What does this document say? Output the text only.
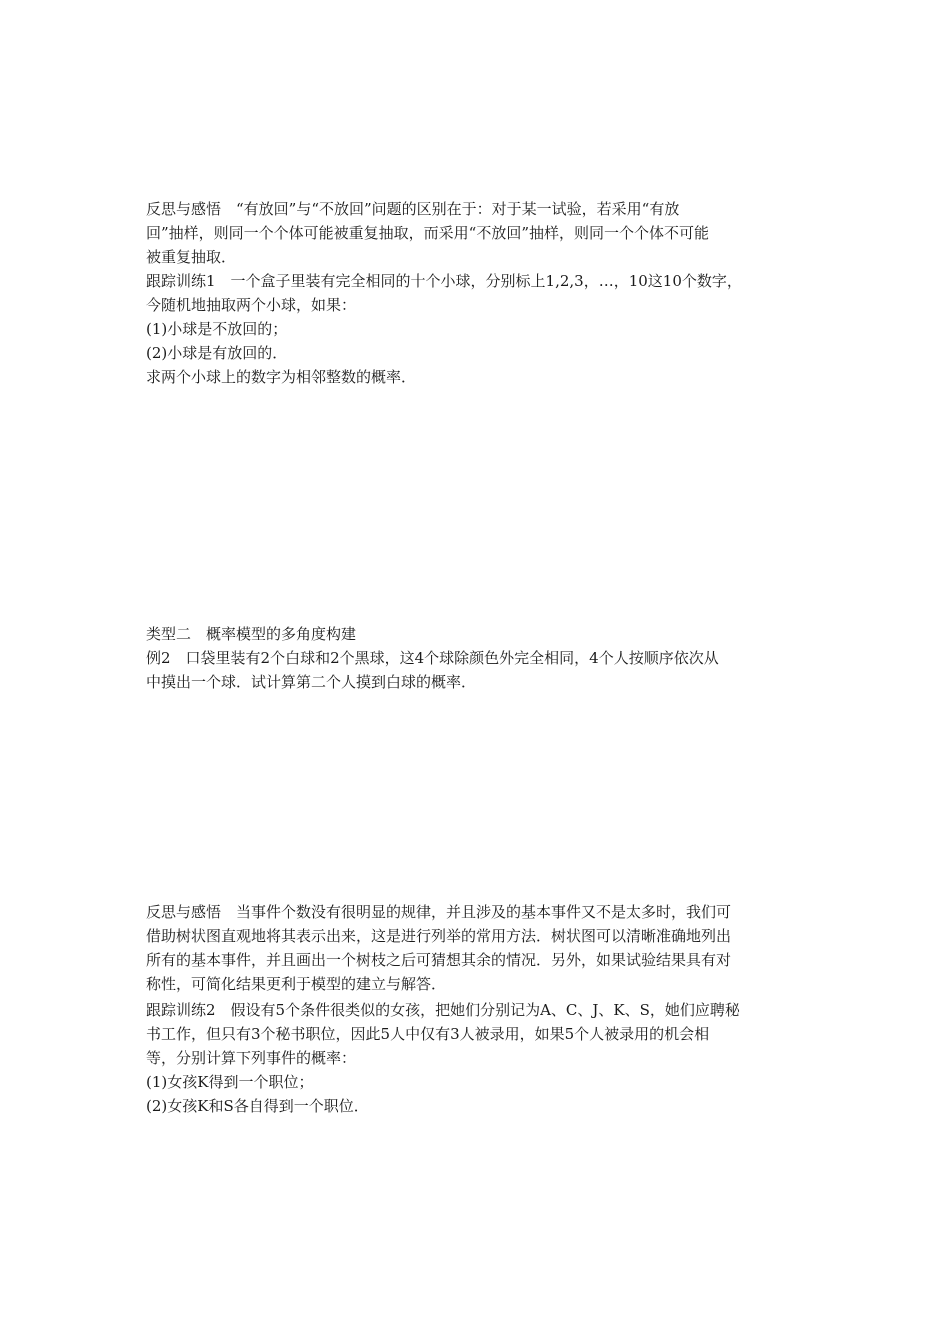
反思与感悟　“有放回”与“不放回”问题的区别在于：对于某一试验，若采用“有放
回”抽样，则同一个个体可能被重复抽取，而采用“不放回”抽样，则同一个个体不可能
被重复抽取．
跟踪训练1　一个盒子里装有完全相同的十个小球，分别标上1,2,3，…，10这10个数字，
今随机地抽取两个小球，如果：
(1)小球是不放回的；
(2)小球是有放回的．
求两个小球上的数字为相邻整数的概率．
类型二　概率模型的多角度构建
例2　口袋里装有2个白球和2个黑球，这4个球除颜色外完全相同，4个人按顺序依次从
中摸出一个球．试计算第二个人摸到白球的概率．
反思与感悟　当事件个数没有很明显的规律，并且涉及的基本事件又不是太多时，我们可
借助树状图直观地将其表示出来，这是进行列举的常用方法．树状图可以清晰准确地列出
所有的基本事件，并且画出一个树枝之后可猜想其余的情况．另外，如果试验结果具有对
称性，可简化结果更利于模型的建立与解答．
跟踪训练2　假设有5个条件很类似的女孩，把她们分别记为A、C、J、K、S，她们应聘秘
书工作，但只有3个秘书职位，因此5人中仅有3人被录用，如果5个人被录用的机会相
等，分别计算下列事件的概率：
(1)女孩K得到一个职位；
(2)女孩K和S各自得到一个职位．
